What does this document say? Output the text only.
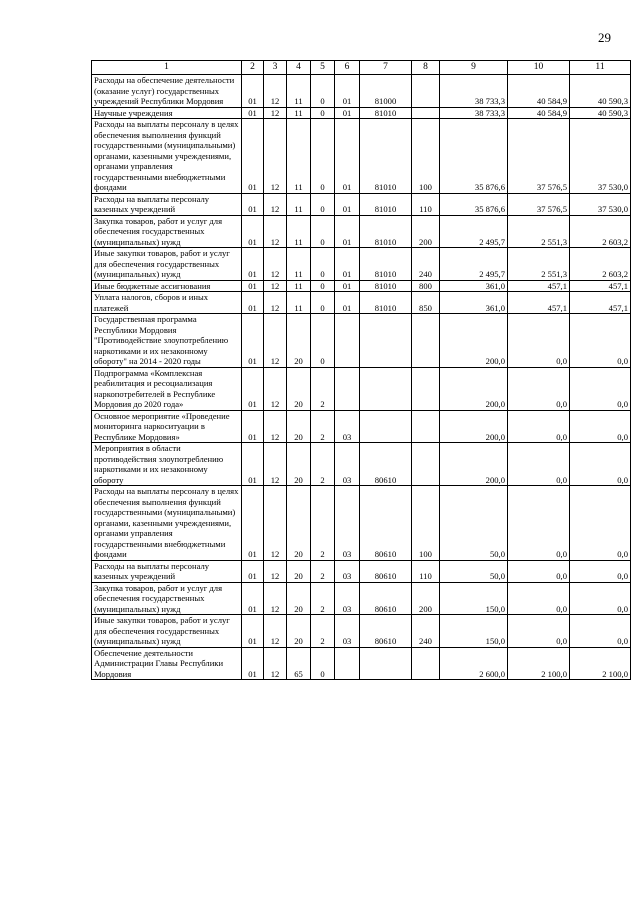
29
1	2	3	4	5	6	7	8	9	10	11
Расходы на обеспечение деятельности (оказание услуг) государственных учреждений Республики Мордовия	01	12	11	0	01	81000		38 733,3	40 584,9	40 590,3
Научные учреждения	01	12	11	0	01	81010		38 733,3	40 584,9	40 590,3
Расходы на выплаты персоналу в целях обеспечения выполнения функций государственными (муниципальными) органами, казенными учреждениями, органами управления государственными внебюджетными фондами	01	12	11	0	01	81010	100	35 876,6	37 576,5	37 530,0
Расходы на выплаты персоналу казенных учреждений	01	12	11	0	01	81010	110	35 876,6	37 576,5	37 530,0
Закупка товаров, работ и услуг для обеспечения государственных (муниципальных) нужд	01	12	11	0	01	81010	200	2 495,7	2 551,3	2 603,2
Иные закупки товаров, работ и услуг для обеспечения государственных (муниципальных) нужд	01	12	11	0	01	81010	240	2 495,7	2 551,3	2 603,2
Иные бюджетные ассигнования	01	12	11	0	01	81010	800	361,0	457,1	457,1
Уплата налогов, сборов и иных платежей	01	12	11	0	01	81010	850	361,0	457,1	457,1
Государственная программа Республики Мордовия "Противодействие злоупотреблению наркотиками и их незаконному обороту" на 2014 - 2020 годы	01	12	20	0				200,0	0,0	0,0
Подпрограмма «Комплексная реабилитация и ресоциализация наркопотребителей в Республике Мордовия до 2020 года»	01	12	20	2				200,0	0,0	0,0
Основное мероприятие «Проведение мониторинга наркоситуации в Республике Мордовия»	01	12	20	2	03			200,0	0,0	0,0
Мероприятия в области противодействия злоупотреблению наркотиками и их незаконному обороту	01	12	20	2	03	80610		200,0	0,0	0,0
Расходы на выплаты персоналу в целях обеспечения выполнения функций государственными (муниципальными) органами, казенными учреждениями, органами управления государственными внебюджетными фондами	01	12	20	2	03	80610	100	50,0	0,0	0,0
Расходы на выплаты персоналу казенных учреждений	01	12	20	2	03	80610	110	50,0	0,0	0,0
Закупка товаров, работ и услуг для обеспечения государственных (муниципальных) нужд	01	12	20	2	03	80610	200	150,0	0,0	0,0
Иные закупки товаров, работ и услуг для обеспечения государственных (муниципальных) нужд	01	12	20	2	03	80610	240	150,0	0,0	0,0
Обеспечение деятельности Администрации Главы Республики Мордовия	01	12	65	0				2 600,0	2 100,0	2 100,0
